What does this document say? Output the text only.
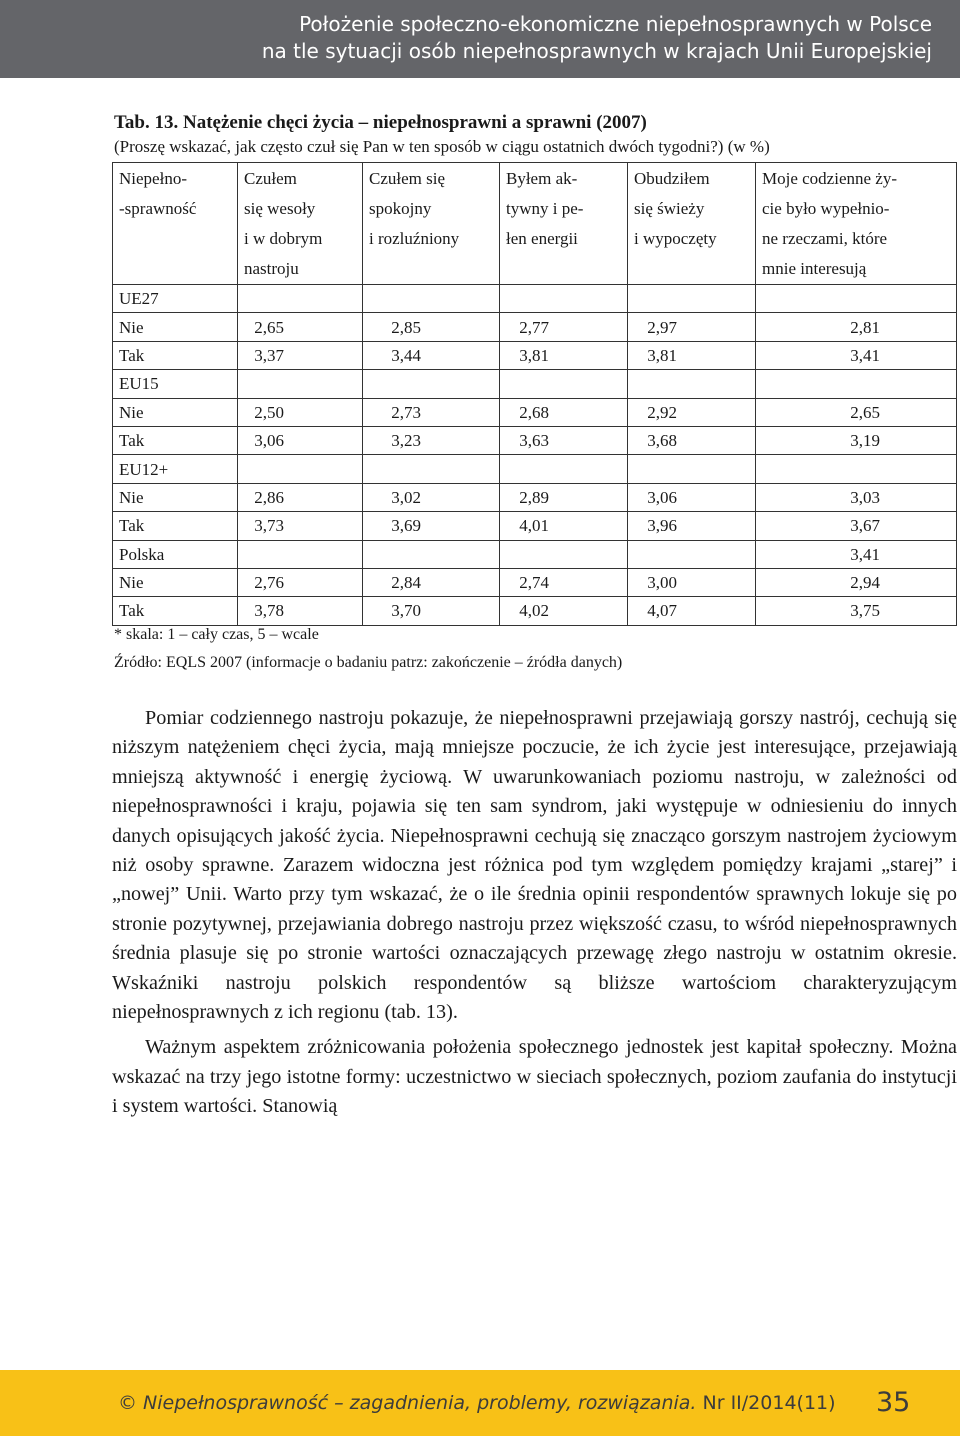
Położenie społeczno-ekonomiczne niepełnosprawnych w Polsce
na tle sytuacji osób niepełnosprawnych w krajach Unii Europejskiej
Tab. 13. Natężenie chęci życia – niepełnosprawni a sprawni (2007)
(Proszę wskazać, jak często czuł się Pan w ten sposób w ciągu ostatnich dwóch tygodni?) (w %)
Niepełno-
-sprawność	Czułem
się wesoły
i w dobrym
nastroju	Czułem się
spokojny
i rozluźniony	Byłem ak-
tywny i pe-
łen energii	Obudziłem
się świeży
i wypoczęty	Moje codzienne ży-
cie było wypełnio-
ne rzeczami, które
mnie interesują

UE27					
Nie	2,65	2,85	2,77	2,97	2,81
Tak	3,37	3,44	3,81	3,81	3,41
EU15					
Nie	2,50	2,73	2,68	2,92	2,65
Tak	3,06	3,23	3,63	3,68	3,19
EU12+					
Nie	2,86	3,02	2,89	3,06	3,03
Tak	3,73	3,69	4,01	3,96	3,67
Polska					3,41
Nie	2,76	2,84	2,74	3,00	2,94
Tak	3,78	3,70	4,02	4,07	3,75
* skala: 1 – cały czas, 5 – wcale
Źródło: EQLS 2007 (informacje o badaniu patrz: zakończenie – źródła danych)

Pomiar codziennego nastroju pokazuje, że niepełnosprawni przejawiają gorszy nastrój, cechują się niższym natężeniem chęci życia, mają mniejsze poczucie, że ich życie jest interesujące, przejawiają mniejszą aktywność i energię życiową. W uwarunkowaniach poziomu nastroju, w zależności od niepełnosprawności i kraju, pojawia się ten sam syndrom, jaki występuje w odniesieniu do innych danych opisujących jakość życia. Niepełnosprawni cechują się znacząco gorszym nastrojem życiowym niż osoby sprawne. Zarazem widoczna jest różnica pod tym względem pomiędzy krajami „starej” i „nowej” Unii. Warto przy tym wskazać, że o ile średnia opinii respondentów sprawnych lokuje się po stronie pozytywnej, przejawiania dobrego nastroju przez większość czasu, to wśród niepełnosprawnych średnia plasuje się po stronie wartości oznaczających przewagę złego nastroju w ostatnim okresie. Wskaźniki nastroju polskich respondentów są bliższe wartościom charakteryzującym niepełnosprawnych z ich regionu (tab. 13).

Ważnym aspektem zróżnicowania położenia społecznego jednostek jest kapitał społeczny. Można wskazać na trzy jego istotne formy: uczestnictwo w sieciach społecznych, poziom zaufania do instytucji i system wartości. Stanowią

© Niepełnosprawność – zagadnienia, problemy, rozwiązania. Nr II/2014(11) 35
